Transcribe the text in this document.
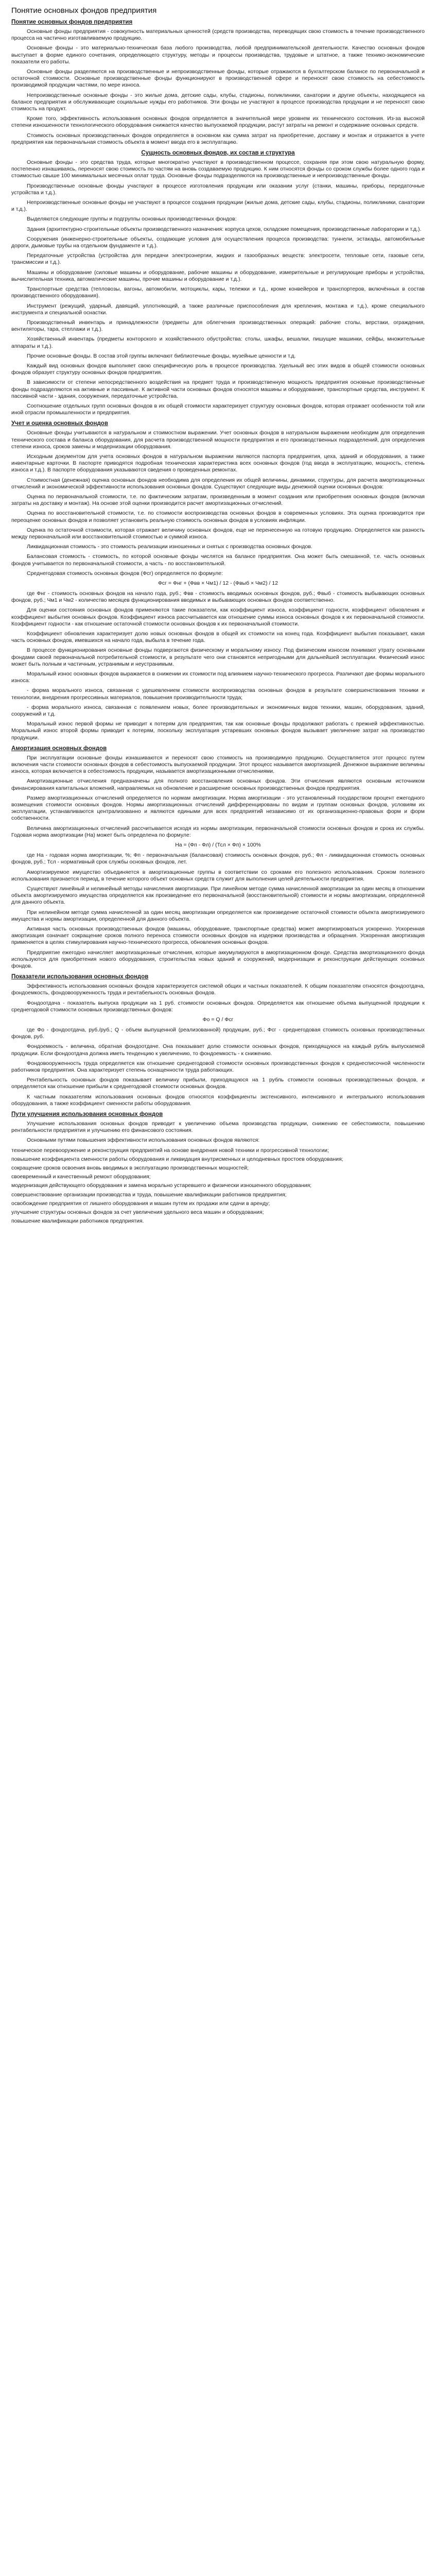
Понятие основных фондов предприятия
Понятие основных фондов предприятия

Основные фонды предприятия - совокупность материальных ценностей (средств производства, переводящих свою стоимость в течение производственного процесса на частично изготавливаемую продукцию.

Основные фонды - это материально-техническая база любого производства, любой предпринимательской деятельности. Качество основных фондов выступает в форме единого сочетания, определяющего структуру, методы и процессы производства, трудовые и штатное, а также технико-экономические показатели его работы.

Основные фонды разделяются на производственные и непроизводственные фонды, которые отражаются в бухгалтерском балансе по первоначальной и остаточной стоимости. Основные производственные фонды функционируют в производственной сфере и переносят свою стоимость на себестоимость производимой продукции частями, по мере износа.

Непроизводственные основные фонды - это жилые дома, детские сады, клубы, стадионы, поликлиники, санатории и другие объекты, находящиеся на балансе предприятия и обслуживающие социальные нужды его работников. Эти фонды не участвуют в процессе производства продукции и не переносят свою стоимость на продукт.

Кроме того, эффективность использования основных фондов определяется в значительной мере уровнем их технического состояния. Из-за высокой степени изношенности технологического оборудования снижается качество выпускаемой продукции, растут затраты на ремонт и содержание основных средств.

Стоимость основных производственных фондов определяется в основном как сумма затрат на приобретение, доставку и монтаж и отражается в учете предприятия как первоначальная стоимость объекта в момент ввода его в эксплуатацию.

Сущность основных фондов, их состав и структура

Основные фонды - это средства труда, которые многократно участвуют в производственном процессе, сохраняя при этом свою натуральную форму, постепенно изнашиваясь, переносят свою стоимость по частям на вновь создаваемую продукцию. К ним относятся фонды со сроком службы более одного года и стоимостью свыше 100 минимальных месячных оплат труда. Основные фонды подразделяются на производственные и непроизводственные фонды.

Производственные основные фонды участвуют в процессе изготовления продукции или оказании услуг (станки, машины, приборы, передаточные устройства и т.д.).

Непроизводственные основные фонды не участвуют в процессе создания продукции (жилые дома, детские сады, клубы, стадионы, поликлиники, санатории и т.д.).

Выделяются следующие группы и подгруппы основных производственных фондов:

Здания (архитектурно-строительные объекты производственного назначения: корпуса цехов, складские помещения, производственные лаборатории и т.д.).

Сооружения (инженерно-строительные объекты, создающие условия для осуществления процесса производства: туннели, эстакады, автомобильные дороги, дымовые трубы на отдельном фундаменте и т.д.).

Передаточные устройства (устройства для передачи электроэнергии, жидких и газообразных веществ: электросети, тепловые сети, газовые сети, трансмиссии и т.д.).

Машины и оборудование (силовые машины и оборудование, рабочие машины и оборудование, измерительные и регулирующие приборы и устройства, вычислительная техника, автоматические машины, прочие машины и оборудование и т.д.).

Транспортные средства (тепловозы, вагоны, автомобили, мотоциклы, кары, тележки и т.д., кроме конвейеров и транспортеров, включённых в состав производственного оборудования).

Инструмент (режущий, ударный, давящий, уплотняющий, а также различные приспособления для крепления, монтажа и т.д.), кроме специального инструмента и специальной оснастки.

Производственный инвентарь и принадлежности (предметы для облегчения производственных операций: рабочие столы, верстаки, ограждения, вентиляторы, тара, стеллажи и т.д.).

Хозяйственный инвентарь (предметы конторского и хозяйственного обустройства: столы, шкафы, вешалки, пишущие машинки, сейфы, множительные аппараты и т.д.).

Прочие основные фонды. В состав этой группы включают библиотечные фонды, музейные ценности и т.д.

Каждый вид основных фондов выполняет свою специфическую роль в процессе производства. Удельный вес этих видов в общей стоимости основных фондов образует структуру основных фондов предприятия.

В зависимости от степени непосредственного воздействия на предмет труда и производственную мощность предприятия основные производственные фонды подразделяются на активные и пассивные. К активной части основных фондов относятся машины и оборудование, транспортные средства, инструмент. К пассивной части - здания, сооружения, передаточные устройства.

Соотношение отдельных групп основных фондов в их общей стоимости характеризует структуру основных фондов, которая отражает особенности той или иной отрасли промышленности и предприятия.

Учет и оценка основных фондов

Основные фонды учитываются в натуральном и стоимостном выражении. Учет основных фондов в натуральном выражении необходим для определения технического состава и баланса оборудования, для расчета производственной мощности предприятия и его производственных подразделений, для определения степени износа, сроков замены и модернизации оборудования.

Исходным документом для учета основных фондов в натуральном выражении являются паспорта предприятия, цеха, зданий и оборудования, а также инвентарные карточки. В паспорте приводятся подробная техническая характеристика всех основных фондов (год ввода в эксплуатацию, мощность, степень износа и т.д.). В паспорте оборудования указываются сведения о проведенных ремонтах.

Стоимостная (денежная) оценка основных фондов необходима для определения их общей величины, динамики, структуры, для расчета амортизационных отчислений и экономической эффективности использования основных фондов. Существуют следующие виды денежной оценки основных фондов:

Оценка по первоначальной стоимости, т.е. по фактическим затратам, произведенным в момент создания или приобретения основных фондов (включая затраты на доставку и монтаж). На основе этой оценки производится расчет амортизационных отчислений.

Оценка по восстановительной стоимости, т.е. по стоимости воспроизводства основных фондов в современных условиях. Эта оценка производится при переоценке основных фондов и позволяет установить реальную стоимость основных фондов в условиях инфляции.

Оценка по остаточной стоимости, которая отражает величину основных фондов, еще не перенесенную на готовую продукцию. Определяется как разность между первоначальной или восстановительной стоимостью и суммой износа.

Ликвидационная стоимость - это стоимость реализации изношенных и снятых с производства основных фондов.

Балансовая стоимость - стоимость, по которой основные фонды числятся на балансе предприятия. Она может быть смешанной, т.е. часть основных фондов учитывается по первоначальной стоимости, а часть - по восстановительной.

Среднегодовая стоимость основных фондов (Фсг) определяется по формуле:

Фсг = Фнг + (Фвв × Чм1) / 12 - (Фвыб × Чм2) / 12

где Фнг - стоимость основных фондов на начало года, руб.; Фвв - стоимость вводимых основных фондов, руб.; Фвыб - стоимость выбывающих основных фондов, руб.; Чм1 и Чм2 - количество месяцев функционирования вводимых и выбывающих основных фондов соответственно.

Для оценки состояния основных фондов применяются такие показатели, как коэффициент износа, коэффициент годности, коэффициент обновления и коэффициент выбытия основных фондов. Коэффициент износа рассчитывается как отношение суммы износа основных фондов к их первоначальной стоимости. Коэффициент годности - как отношение остаточной стоимости основных фондов к их первоначальной стоимости.

Коэффициент обновления характеризует долю новых основных фондов в общей их стоимости на конец года. Коэффициент выбытия показывает, какая часть основных фондов, имевшихся на начало года, выбыла в течение года.

В процессе функционирования основные фонды подвергаются физическому и моральному износу. Под физическим износом понимают утрату основными фондами своей первоначальной потребительной стоимости, в результате чего они становятся непригодными для дальнейшей эксплуатации. Физический износ может быть полным и частичным, устранимым и неустранимым.

Моральный износ основных фондов выражается в снижении их стоимости под влиянием научно-технического прогресса. Различают две формы морального износа:

- форма морального износа, связанная с удешевлением стоимости воспроизводства основных фондов в результате совершенствования техники и технологии, внедрения прогрессивных материалов, повышения производительности труда;

- форма морального износа, связанная с появлением новых, более производительных и экономичных видов техники, машин, оборудования, зданий, сооружений и т.д.

Моральный износ первой формы не приводит к потерям для предприятия, так как основные фонды продолжают работать с прежней эффективностью. Моральный износ второй формы приводит к потерям, поскольку эксплуатация устаревших основных фондов вызывает увеличение затрат на производство продукции.

Амортизация основных фондов

При эксплуатации основные фонды изнашиваются и переносят свою стоимость на производимую продукцию. Осуществляется этот процесс путем включения части стоимости основных фондов в себестоимость выпускаемой продукции. Этот процесс называется амортизацией. Денежное выражение величины износа, которая включается в себестоимость продукции, называется амортизационными отчислениями.

Амортизационные отчисления предназначены для полного восстановления основных фондов. Эти отчисления являются основным источником финансирования капитальных вложений, направляемых на обновление и расширение основных производственных фондов предприятия.

Размер амортизационных отчислений определяется по нормам амортизации. Норма амортизации - это установленный государством процент ежегодного возмещения стоимости основных фондов. Нормы амортизационных отчислений дифференцированы по видам и группам основных фондов, условиям их эксплуатации, устанавливаются централизованно и являются едиными для всех предприятий независимо от их организационно-правовых форм и форм собственности.

Величина амортизационных отчислений рассчитывается исходя из нормы амортизации, первоначальной стоимости основных фондов и срока их службы. Годовая норма амортизации (На) может быть определена по формуле:

На = (Фп - Фл) / (Тсл × Фп) × 100%

где На - годовая норма амортизации, %; Фп - первоначальная (балансовая) стоимость основных фондов, руб.; Фл - ликвидационная стоимость основных фондов, руб.; Тсл - нормативный срок службы основных фондов, лет.

Амортизируемое имущество объединяется в амортизационные группы в соответствии со сроками его полезного использования. Сроком полезного использования признается период, в течение которого объект основных средств служит для выполнения целей деятельности предприятия.

Существуют линейный и нелинейный методы начисления амортизации. При линейном методе сумма начисленной амортизации за один месяц в отношении объекта амортизируемого имущества определяется как произведение его первоначальной (восстановительной) стоимости и нормы амортизации, определенной для данного объекта.

При нелинейном методе сумма начисленной за один месяц амортизации определяется как произведение остаточной стоимости объекта амортизируемого имущества и нормы амортизации, определенной для данного объекта.

Активная часть основных производственных фондов (машины, оборудование, транспортные средства) может амортизироваться ускоренно. Ускоренная амортизация означает сокращение сроков полного переноса стоимости основных фондов на издержки производства и обращения. Ускоренная амортизация применяется в целях стимулирования научно-технического прогресса, обновления основных фондов.

Предприятие ежегодно начисляет амортизационные отчисления, которые аккумулируются в амортизационном фонде. Средства амортизационного фонда используются для приобретения нового оборудования, строительства новых зданий и сооружений, модернизации и реконструкции действующих основных фондов.

Показатели использования основных фондов

Эффективность использования основных фондов характеризуется системой общих и частных показателей. К общим показателям относятся фондоотдача, фондоемкость, фондовооруженность труда и рентабельность основных фондов.

Фондоотдача - показатель выпуска продукции на 1 руб. стоимости основных фондов. Определяется как отношение объема выпущенной продукции к среднегодовой стоимости основных производственных фондов:

Фо = Q / Фсг

где Фо - фондоотдача, руб./руб.; Q - объем выпущенной (реализованной) продукции, руб.; Фсг - среднегодовая стоимость основных производственных фондов, руб.

Фондоемкость - величина, обратная фондоотдаче. Она показывает долю стоимости основных фондов, приходящуюся на каждый рубль выпускаемой продукции. Если фондоотдача должна иметь тенденцию к увеличению, то фондоемкость - к снижению.

Фондовооруженность труда определяется как отношение среднегодовой стоимости основных производственных фондов к среднесписочной численности работников предприятия. Она характеризует степень оснащенности труда работающих.

Рентабельность основных фондов показывает величину прибыли, приходящуюся на 1 рубль стоимости основных производственных фондов, и определяется как отношение прибыли к среднегодовой стоимости основных фондов.

К частным показателям использования основных фондов относятся коэффициенты экстенсивного, интенсивного и интегрального использования оборудования, а также коэффициент сменности работы оборудования.

Пути улучшения использования основных фондов

Улучшение использования основных фондов приводит к увеличению объема производства продукции, снижению ее себестоимости, повышению рентабельности предприятия и улучшению его финансового состояния.

Основными путями повышения эффективности использования основных фондов являются:

техническое перевооружение и реконструкция предприятий на основе внедрения новой техники и прогрессивной технологии;
повышение коэффициента сменности работы оборудования и ликвидация внутрисменных и целодневных простоев оборудования;
сокращение сроков освоения вновь вводимых в эксплуатацию производственных мощностей;
своевременный и качественный ремонт оборудования;
модернизация действующего оборудования и замена морально устаревшего и физически изношенного оборудования;
совершенствование организации производства и труда, повышение квалификации работников предприятия;
освобождение предприятия от лишнего оборудования и машин путем их продажи или сдачи в аренду;
улучшение структуры основных фондов за счет увеличения удельного веса машин и оборудования;
повышение квалификации работников предприятия.
